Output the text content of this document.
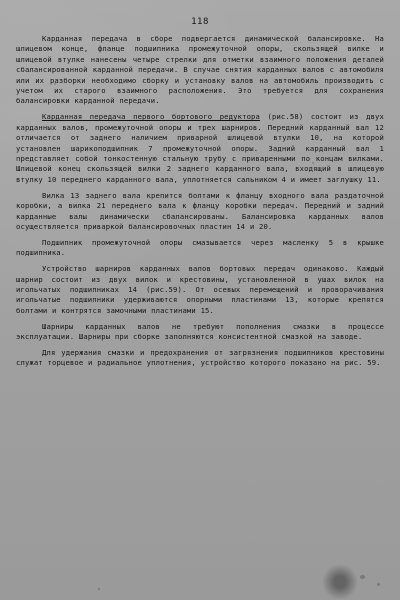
118

Карданная передача в сборе подвергается динамической балансировке. На шлицевом конце, фланце подшипника промежуточной опоры, скользящей вилке и шлицевой втулке нанесены четыре стрелки для отметки взаимного положения деталей сбалансированной карданной передачи. В случае снятия карданных валов с автомобиля или их разборки необходимо сборку и установку валов на автомобиль производить с учетом их старого взаимного расположения. Это требуется для сохранения балансировки карданной передачи.

Карданная передача первого бортового редуктора (рис.58) состоит из двух карданных валов, промежуточной опоры и трех шарниров. Передний карданный вал 12 отличается от заднего наличием приварной шлицевой втулки 10, на которой установлен шарикоподшипник 7 промежуточной опоры. Задний карданный вал 1 представляет собой тонкостенную стальную трубу с приваренными по концам вилками. Шлицевой конец скользящей вилки 2 заднего карданного вала, входящий в шлицевую втулку 10 переднего карданного вала, уплотняется сальником 4 и имеет заглушку 11.

Вилка 13 заднего вала крепится болтами к фланцу входного вала раздаточной коробки, а вилка 21 переднего вала к фланцу коробки передач. Передний и задний карданные валы динамически сбалансированы. Балансировка карданных валов осуществляется приваркой балансировочных пластин 14 и 20.

Подшипник промежуточной опоры смазывается через масленку 5 в крышке подшипника.

Устройство шарниров карданных валов бортовых передач одинаково. Каждый шарнир состоит из двух вилок и крестовины, установленной в ушах вилок на игольчатых подшипниках 14 (рис.59). От осевых перемещений и проворачивания игольчатые подшипники удерживаются опорными пластинами 13, которые крепятся болтами и контрятся замочными пластинами 15.

Шарниры карданных валов не требуют пополнения смазки в процессе эксплуатации. Шарниры при сборке заполняются консистентной смазкой на заводе.

Для удержания смазки и предохранения от загрязнения подшипников крестовины служат торцевое и радиальное уплотнения, устройство которого показано на рис. 59.
